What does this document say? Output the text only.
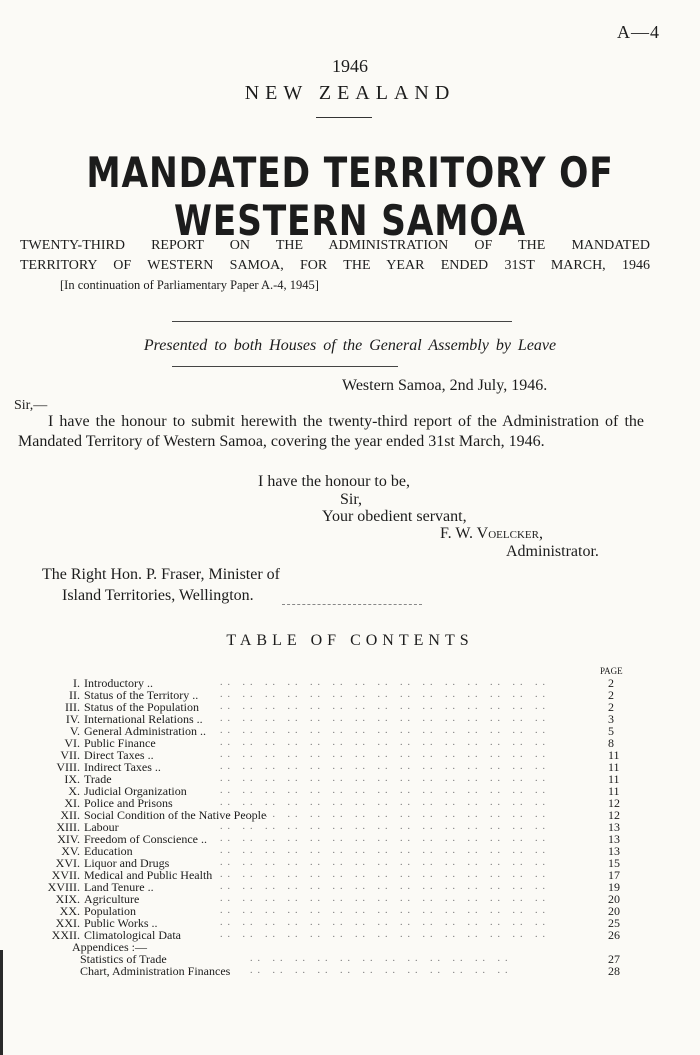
A—4
1946
NEW ZEALAND
MANDATED TERRITORY OF
WESTERN SAMOA
TWENTY-THIRD REPORT ON THE ADMINISTRATION OF THE MANDATED
TERRITORY OF WESTERN SAMOA, FOR THE YEAR ENDED 31ST MARCH, 1946
[In continuation of Parliamentary Paper A.-4, 1945]
Presented to both Houses of the General Assembly by Leave
Western Samoa, 2nd July, 1946.
Sir,—
I have the honour to submit herewith the twenty-third report of the Administration of the Mandated Territory of Western Samoa, covering the year ended 31st March, 1946.
I have the honour to be,
Sir,
Your obedient servant,
F. W. Voelcker,
Administrator.
The Right Hon. P. Fraser, Minister of
Island Territories, Wellington.
TABLE OF CONTENTS
PAGE
I. Introductory ..	.. .. .. .. .. .. .. .. .. .. .. .. .. .. ..	2
II. Status of the Territory .. .. .. .. .. .. .. .. .. .. .. .. .. .. .. ..	2
III. Status of the Population .. .. .. .. .. .. .. .. .. .. .. .. .. .. ..	2
IV. International Relations .. .. .. .. .. .. .. .. .. .. .. .. .. .. .. ..	3
V. General Administration .. .. .. .. .. .. .. .. .. .. .. .. .. .. .. ..	5
VI. Public Finance	.. .. .. .. .. .. .. .. .. .. .. .. .. .. ..	8
VII. Direct Taxes ..	.. .. .. .. .. .. .. .. .. .. .. .. .. .. ..	11
VIII. Indirect Taxes ..	.. .. .. .. .. .. .. .. .. .. .. .. .. .. ..	11
IX. Trade	.. .. .. .. .. .. .. .. .. .. .. .. .. .. ..	11
X. Judicial Organization	.. .. .. .. .. .. .. .. .. .. .. .. .. .. ..	11
XI. Police and Prisons	.. .. .. .. .. .. .. .. .. .. .. .. .. .. ..	12
XII. Social Condition of the Native People
.. .. .. .. .. .. .. .. .. .. .. .. .. .. ..	12
XIII. Labour	.. .. .. .. .. .. .. .. .. .. .. .. .. .. ..	13
XIV. Freedom of Conscience .. .. .. .. .. .. .. .. .. .. .. .. .. .. .. ..	13
XV. Education	.. .. .. .. .. .. .. .. .. .. .. .. .. .. ..	13
XVI. Liquor and Drugs	.. .. .. .. .. .. .. .. .. .. .. .. .. .. ..	15
XVII. Medical and Public Health .. .. .. .. .. .. .. .. .. .. .. .. .. .. ..	17
XVIII. Land Tenure ..	.. .. .. .. .. .. .. .. .. .. .. .. .. .. ..	19
XIX. Agriculture	.. .. .. .. .. .. .. .. .. .. .. .. .. .. ..	20
XX. Population	.. .. .. .. .. .. .. .. .. .. .. .. .. .. ..	20
XXI. Public Works ..	.. .. .. .. .. .. .. .. .. .. .. .. .. .. ..	25
XXII. Climatological Data	.. .. .. .. .. .. .. .. .. .. .. .. .. .. ..	26
Appendices :—
Statistics of Trade	.. .. .. .. .. .. .. .. .. .. .. ..	27
Chart, Administration Finances .. .. .. .. .. .. .. .. .. .. .. ..	28
